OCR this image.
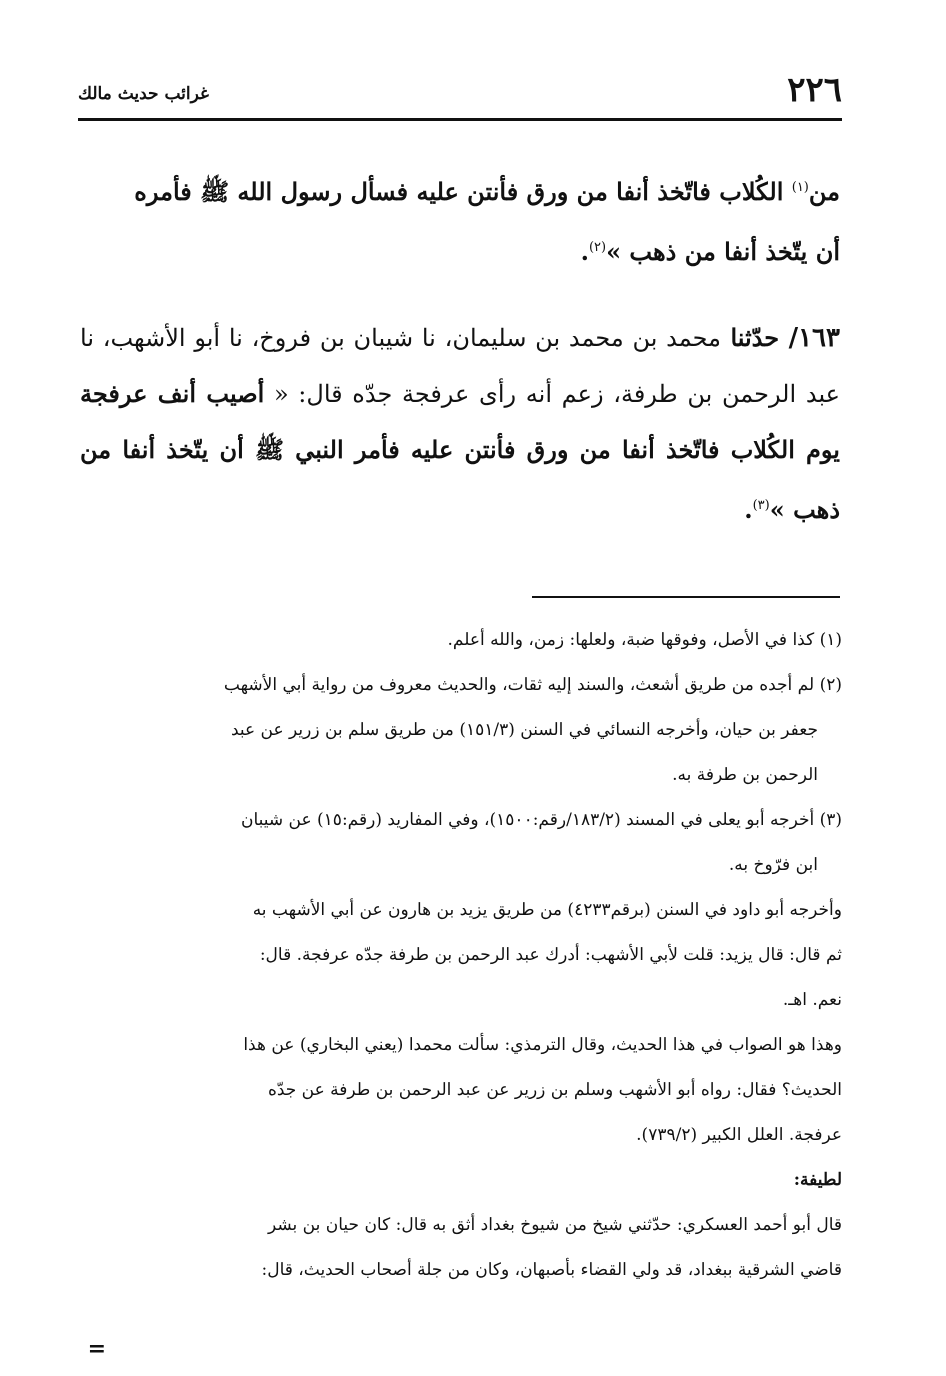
٢٢٦
غرائب حديث مالك

من$^{(١)}$ الكُلاب فاتّخذ أنفا من ورق فأنتن عليه فسأل رسول الله ﷺ فأمره
أن يتّخذ أنفا من ذهب »$^{(٢)}$.

١٦٣/ حدّثنا محمد بن محمد بن سليمان، نا شيبان بن فروخ، نا أبو الأشهب، نا عبد الرحمن بن طرفة، زعم أنه رأى عرفجة جدّه قال: « أصيب أنف عرفجة يوم الكُلاب فاتّخذ أنفا من ورق فأنتن عليه فأمر النبي ﷺ أن يتّخذ أنفا من ذهب »$^{(٣)}$.

(١) كذا في الأصل، وفوقها ضبة، ولعلها: زمن، والله أعلم.

(٢) لم أجده من طريق أشعث، والسند إليه ثقات، والحديث معروف من رواية أبي الأشهب

جعفر بن حيان، وأخرجه النسائي في السنن (١٥١/٣) من طريق سلم بن زرير عن عبد

الرحمن بن طرفة به.

(٣) أخرجه أبو يعلى في المسند (١٨٣/٢/رقم:١٥٠٠)، وفي المفاريد (رقم:١٥) عن شيبان

ابن فرّوخ به.

وأخرجه أبو داود في السنن (برقم٤٢٣٣) من طريق يزيد بن هارون عن أبي الأشهب به

ثم قال: قال يزيد: قلت لأبي الأشهب: أدرك عبد الرحمن بن طرفة جدّه عرفجة. قال:

نعم. اهـ.

وهذا هو الصواب في هذا الحديث، وقال الترمذي: سألت محمدا (يعني البخاري) عن هذا

الحديث؟ فقال: رواه أبو الأشهب وسلم بن زرير عن عبد الرحمن بن طرفة عن جدّه

عرفجة. العلل الكبير (٧٣٩/٢).

لطيفة:

قال أبو أحمد العسكري: حدّثني شيخ من شيوخ بغداد أثق به قال: كان حيان بن بشر

قاضي الشرقية ببغداد، قد ولي القضاء بأصبهان، وكان من جلة أصحاب الحديث، قال:

=
